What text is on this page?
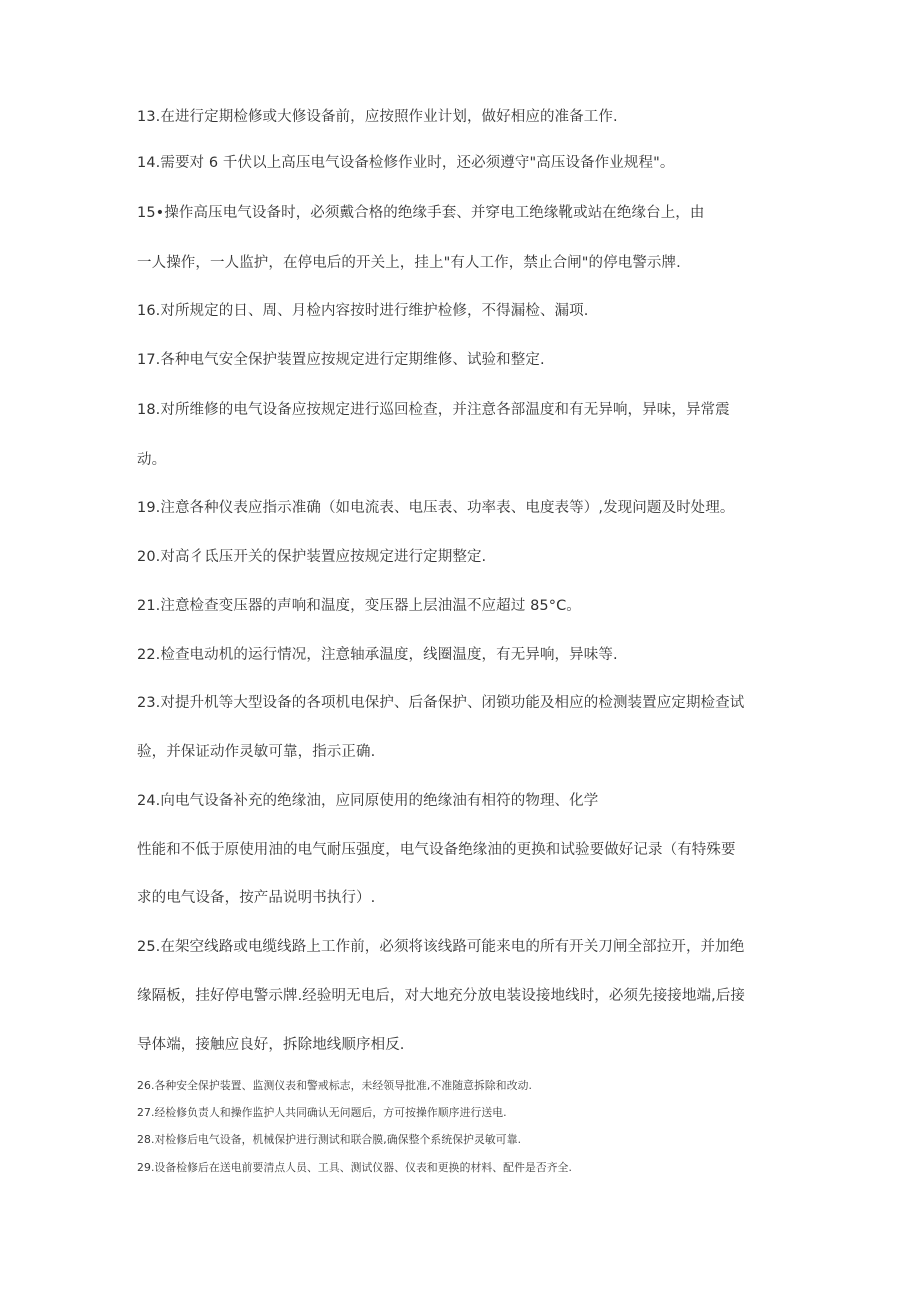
13.在进行定期检修或大修设备前，应按照作业计划，做好相应的准备工作.
14.需要对 6 千伏以上高压电气设备检修作业时，还必须遵守"高压设备作业规程"。
15•操作高压电气设备时，必须戴合格的绝缘手套、并穿电工绝缘靴或站在绝缘台上，由
一人操作，一人监护，在停电后的开关上，挂上"有人工作，禁止合闸"的停电警示牌.
16.对所规定的日、周、月检内容按时进行维护检修，不得漏检、漏项.
17.各种电气安全保护装置应按规定进行定期维修、试验和整定.
18.对所维修的电气设备应按规定进行巡回检查，并注意各部温度和有无异响，异味，异常震
动。
19.注意各种仪表应指示准确（如电流表、电压表、功率表、电度表等）,发现问题及时处理。
20.对高彳氐压开关的保护装置应按规定进行定期整定.
21.注意检查变压器的声响和温度，变压器上层油温不应超过 85°C。
22.检查电动机的运行情况，注意轴承温度，线圈温度，有无异响，异味等.
23.对提升机等大型设备的各项机电保护、后备保护、闭锁功能及相应的检测装置应定期检查试
验，并保证动作灵敏可靠，指示正确.
24.向电气设备补充的绝缘油，应同原使用的绝缘油有相符的物理、化学
性能和不低于原使用油的电气耐压强度，电气设备绝缘油的更换和试验要做好记录（有特殊要
求的电气设备，按产品说明书执行）.
25.在架空线路或电缆线路上工作前，必须将该线路可能来电的所有开关刀闸全部拉开，并加绝
缘隔板，挂好停电警示牌.经验明无电后，对大地充分放电装设接地线时，必须先接接地端,后接
导体端，接触应良好，拆除地线顺序相反.
26.各种安全保护装置、监测仪表和警戒标志，未经领导批准,不准随意拆除和改动.
27.经检修负责人和操作监护人共同确认无问题后，方可按操作顺序进行送电.
28.对检修后电气设备，机械保护进行测试和联合膜,确保整个系统保护灵敏可靠.
29.设备检修后在送电前要清点人员、工具、测试仪器、仪表和更换的材料、配件是否齐全.
